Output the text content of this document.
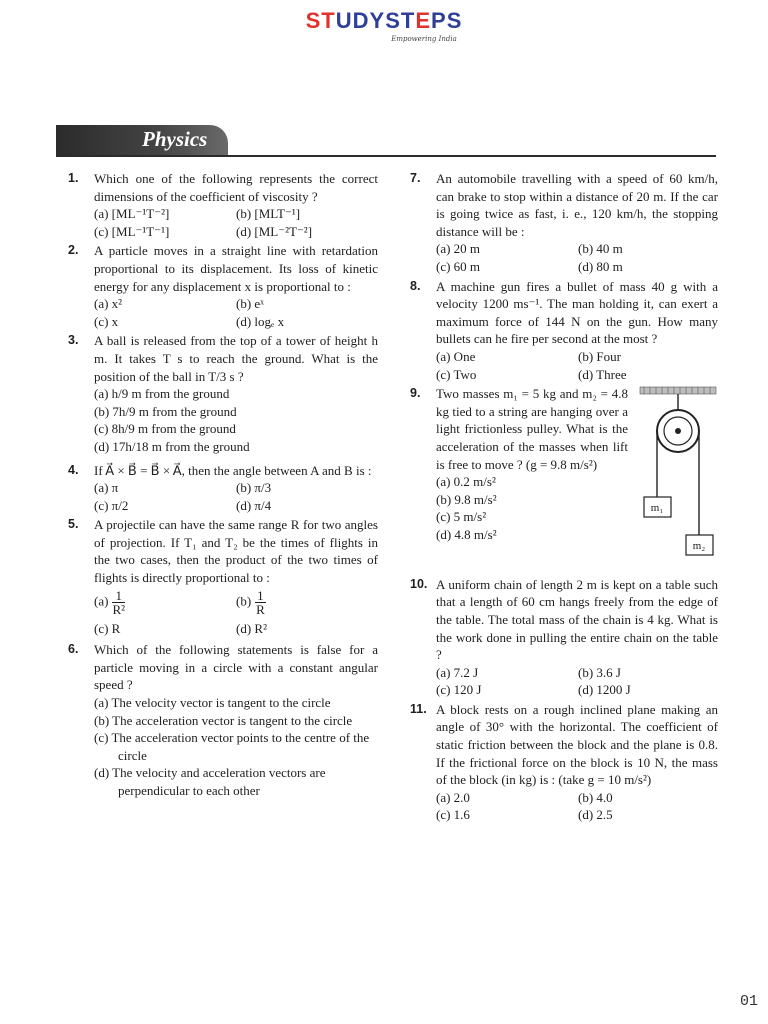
STUDYSTEPS
Empowering India
Physics
1. Which one of the following represents the correct dimensions of the coefficient of viscosity ?
(a) [ML⁻¹T⁻²]	(b) [MLT⁻¹]
(c) [ML⁻¹T⁻¹]	(d) [ML⁻²T⁻²]
2. A particle moves in a straight line with retardation proportional to its displacement. Its loss of kinetic energy for any displacement x is proportional to :
(a) x²	(b) eˣ
(c) x	(d) logₑ x
3. A ball is released from the top of a tower of height h m. It takes T s to reach the ground. What is the position of the ball in T/3 s ?
(a) h/9 m from the ground
(b) 7h/9 m from the ground
(c) 8h/9 m from the ground
(d) 17h/18 m from the ground
4. If A⃗ × B⃗ = B⃗ × A⃗, then the angle between A and B is :
(a) π	(b) π/3
(c) π/2	(d) π/4
5. A projectile can have the same range R for two angles of projection. If T₁ and T₂ be the times of flights in the two cases, then the product of the two times of flights is directly proportional to :
$(a) \frac{1}{\text{R²}}$	$(b) \frac{1}{R}$
(c) R	(d) R²
6. Which of the following statements is false for a particle moving in a circle with a constant angular speed ?
(a) The velocity vector is tangent to the circle
(b) The acceleration vector is tangent to the circle
(c) The acceleration vector points to the centre of the circle
(d) The velocity and acceleration vectors are perpendicular to each other
7. An automobile travelling with a speed of 60 km/h, can brake to stop within a distance of 20 m. If the car is going twice as fast, i. e., 120 km/h, the stopping distance will be :
(a) 20 m	(b) 40 m
(c) 60 m	(d) 80 m
8. A machine gun fires a bullet of mass 40 g with a velocity 1200 ms⁻¹. The man holding it, can exert a maximum force of 144 N on the gun. How many bullets can he fire per second at the most ?
(a) One	(b) Four
(c) Two	(d) Three
9. Two masses m₁ = 5 kg and m₂ = 4.8 kg tied to a string are hanging over a light frictionless pulley. What is the acceleration of the masses when lift is free to move ? (g = 9.8 m/s²)
(a) 0.2 m/s²
(b) 9.8 m/s²
(c) 5 m/s²
(d) 4.8 m/s²
m₁
m₂
10. A uniform chain of length 2 m is kept on a table such that a length of 60 cm hangs freely from the edge of the table. The total mass of the chain is 4 kg. What is the work done in pulling the entire chain on the table ?
(a) 7.2 J	(b) 3.6 J
(c) 120 J	(d) 1200 J
11. A block rests on a rough inclined plane making an angle of 30° with the horizontal. The coefficient of static friction between the block and the plane is 0.8. If the frictional force on the block is 10 N, the mass of the block (in kg) is : (take g = 10 m/s²)
(a) 2.0	(b) 4.0
(c) 1.6	(d) 2.5
01
